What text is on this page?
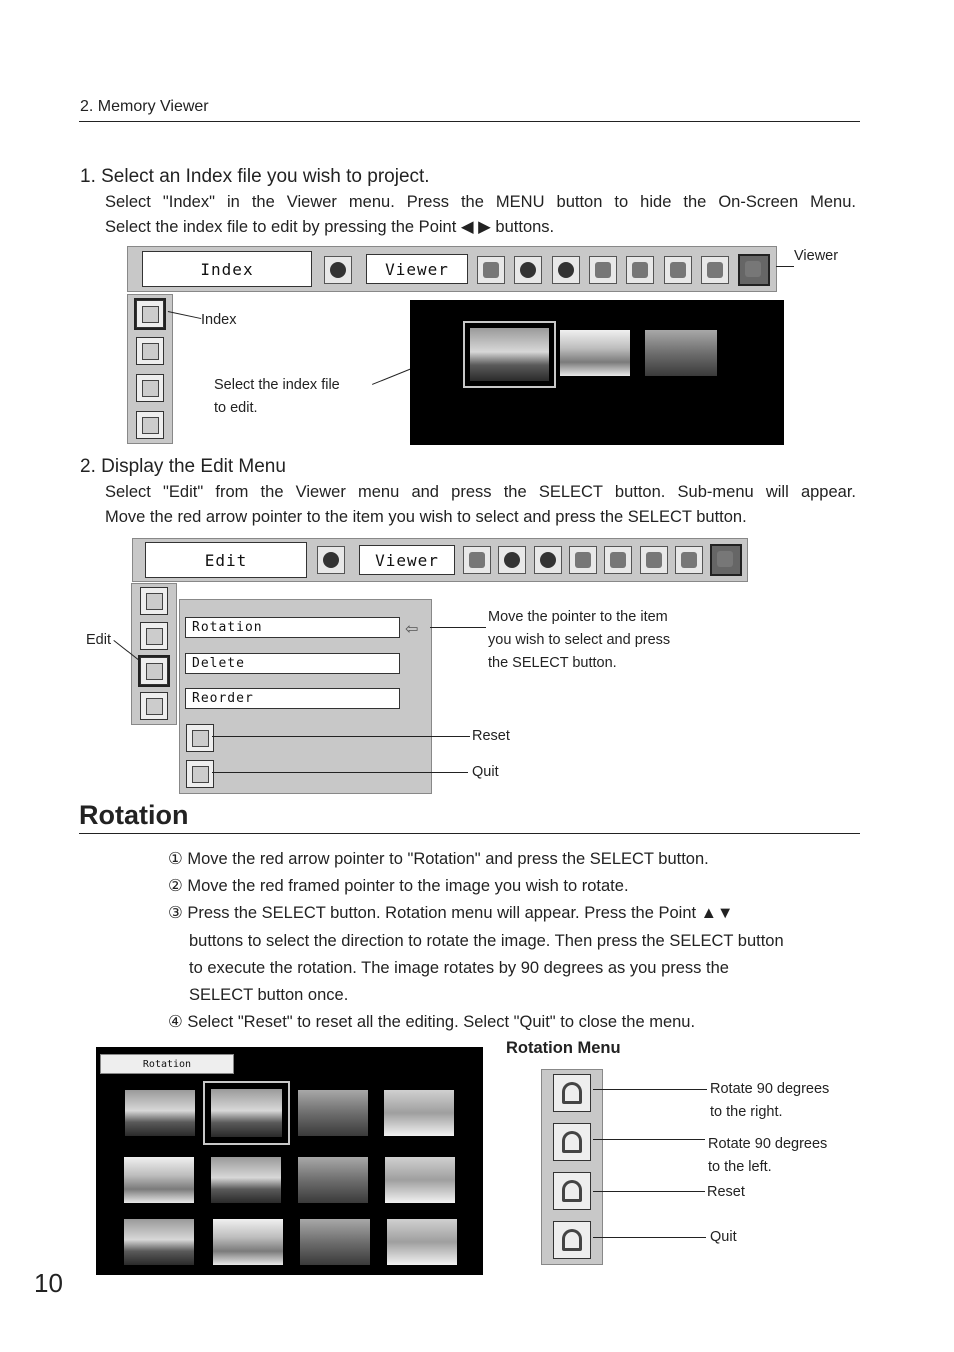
2. Memory Viewer
1. Select an Index file you wish to project.
Select "Index" in the Viewer menu. Press the MENU button to hide the On-Screen Menu.
Select the index file to edit by pressing the Point ◀ ▶ buttons.
Index	Viewer
Viewer
Index
Select the index file
to edit.
2. Display the Edit Menu
Select "Edit" from the Viewer menu and press the SELECT button. Sub-menu will appear.
Move the red arrow pointer to the item you wish to select and press the SELECT button.
Edit	Viewer
Edit
Rotation	⇦
Delete
Reorder
Move the pointer to the item
you wish to select and press
the SELECT button.
Reset
Quit
Rotation
① Move the red arrow pointer to "Rotation" and press the SELECT button.
② Move the red framed pointer to the image you wish to rotate.
③ Press the SELECT button. Rotation menu will appear. Press the Point ▲▼
buttons to select the direction to rotate the image. Then press the SELECT button
to execute the rotation. The image rotates by 90 degrees as you press the
SELECT button once.
④ Select "Reset" to reset all the editing. Select "Quit" to close the menu.
Rotation
Rotation Menu
Rotate 90 degrees
to the right.
Rotate 90 degrees
to the left.
Reset
Quit
10
